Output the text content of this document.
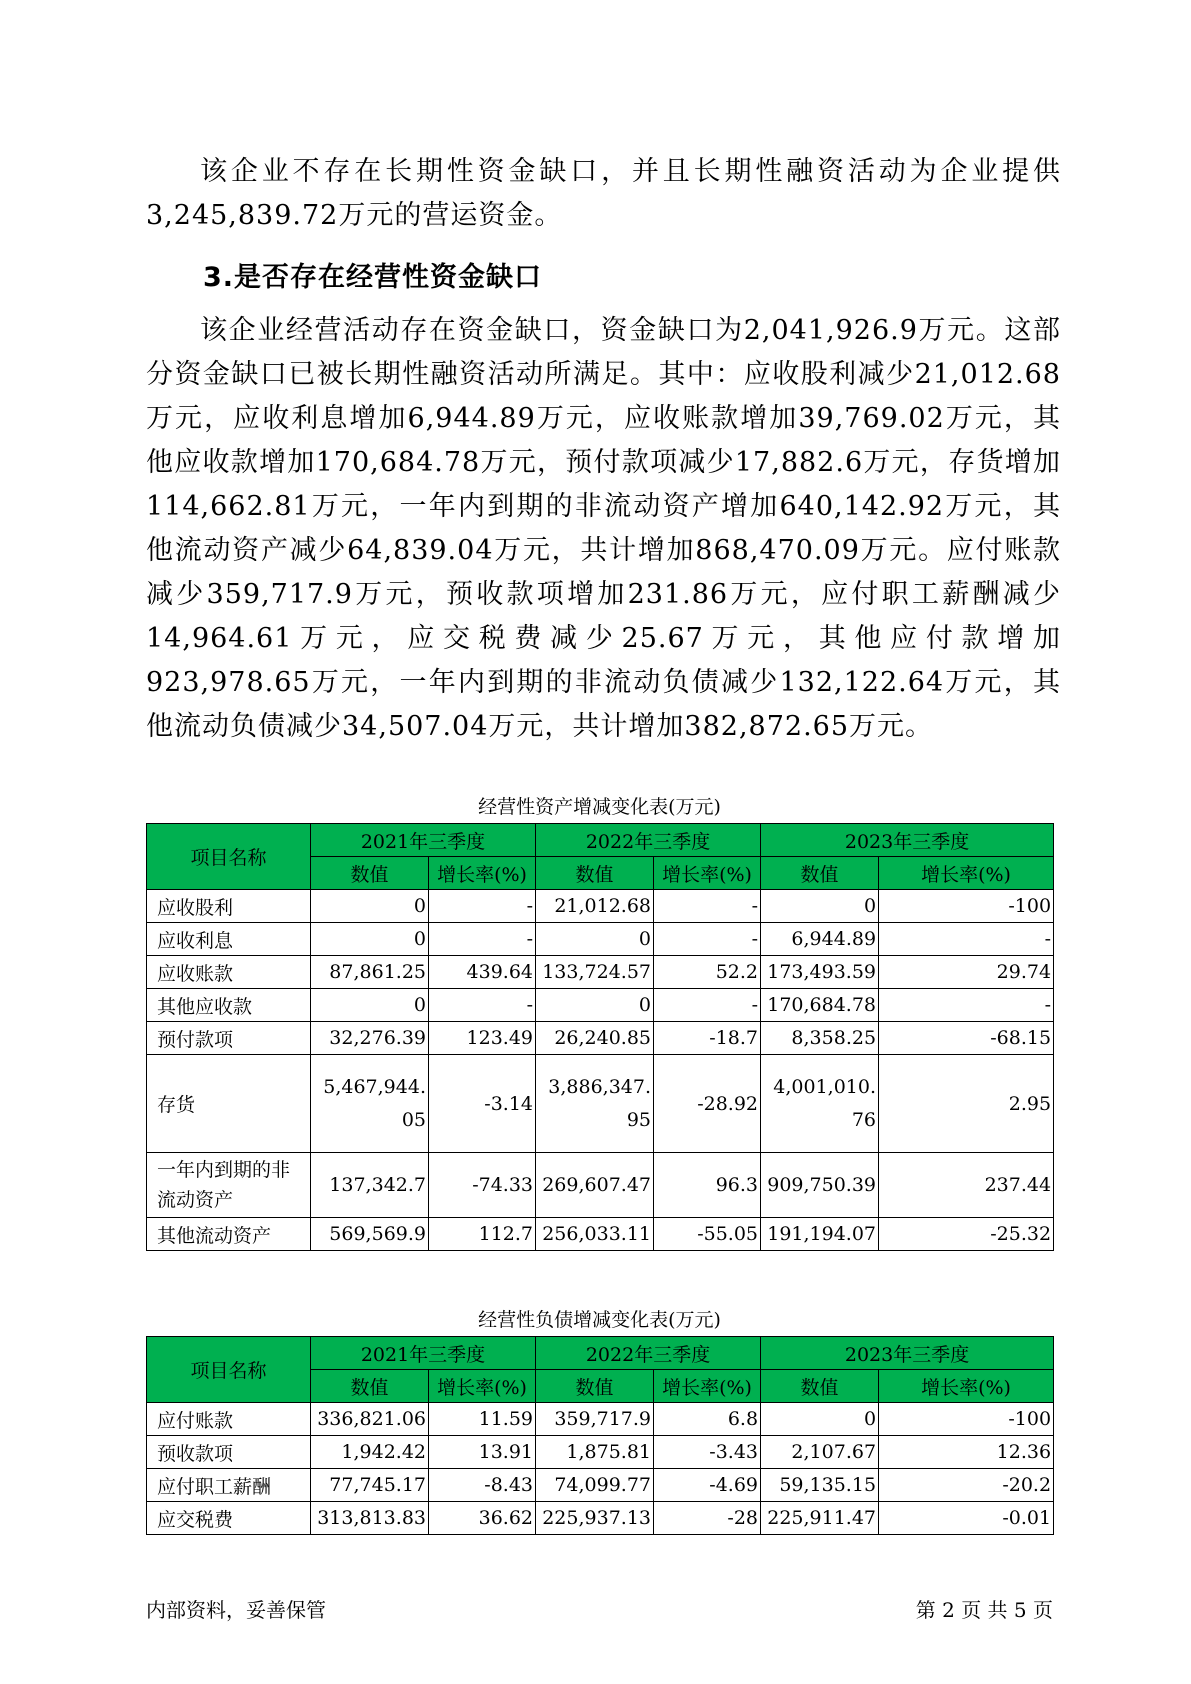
该企业不存在长期性资金缺口，并且长期性融资活动为企业提供3,245,839.72万元的营运资金。

3.是否存在经营性资金缺口

该企业经营活动存在资金缺口，资金缺口为2,041,926.9万元。这部分资金缺口已被长期性融资活动所满足。其中：应收股利减少21,012.68万元，应收利息增加6,944.89万元，应收账款增加39,769.02万元，其他应收款增加170,684.78万元，预付款项减少17,882.6万元，存货增加114,662.81万元，一年内到期的非流动资产增加640,142.92万元，其他流动资产减少64,839.04万元，共计增加868,470.09万元。应付账款减少359,717.9万元，预收款项增加231.86万元，应付职工薪酬减少14,964.61万元，应交税费减少25.67万元，其他应付款增加923,978.65万元，一年内到期的非流动负债减少132,122.64万元，其他流动负债减少34,507.04万元，共计增加382,872.65万元。

经营性资产增减变化表(万元)
项目名称	2021年三季度		2022年三季度		2023年三季度	
	数值	增长率(%)	数值	增长率(%)	数值	增长率(%)
应收股利	0	-	21,012.68	-	0	-100
应收利息	0	-	0	-	6,944.89	-
应收账款	87,861.25	439.64	133,724.57	52.2	173,493.59	29.74
其他应收款	0	-	0	-	170,684.78	-
预付款项	32,276.39	123.49	26,240.85	-18.7	8,358.25	-68.15
存货	5,467,944.05	-3.14	3,886,347.95	-28.92	4,001,010.76	2.95
一年内到期的非流动资产	137,342.7	-74.33	269,607.47	96.3	909,750.39	237.44
其他流动资产	569,569.9	112.7	256,033.11	-55.05	191,194.07	-25.32
经营性负债增减变化表(万元)
项目名称	2021年三季度		2022年三季度		2023年三季度	
	数值	增长率(%)	数值	增长率(%)	数值	增长率(%)
应付账款	336,821.06	11.59	359,717.9	6.8	0	-100
预收款项	1,942.42	13.91	1,875.81	-3.43	2,107.67	12.36
应付职工薪酬	77,745.17	-8.43	74,099.77	-4.69	59,135.15	-20.2
应交税费	313,813.83	36.62	225,937.13	-28	225,911.47	-0.01
内部资料，妥善保管	第 2 页 共 5 页
